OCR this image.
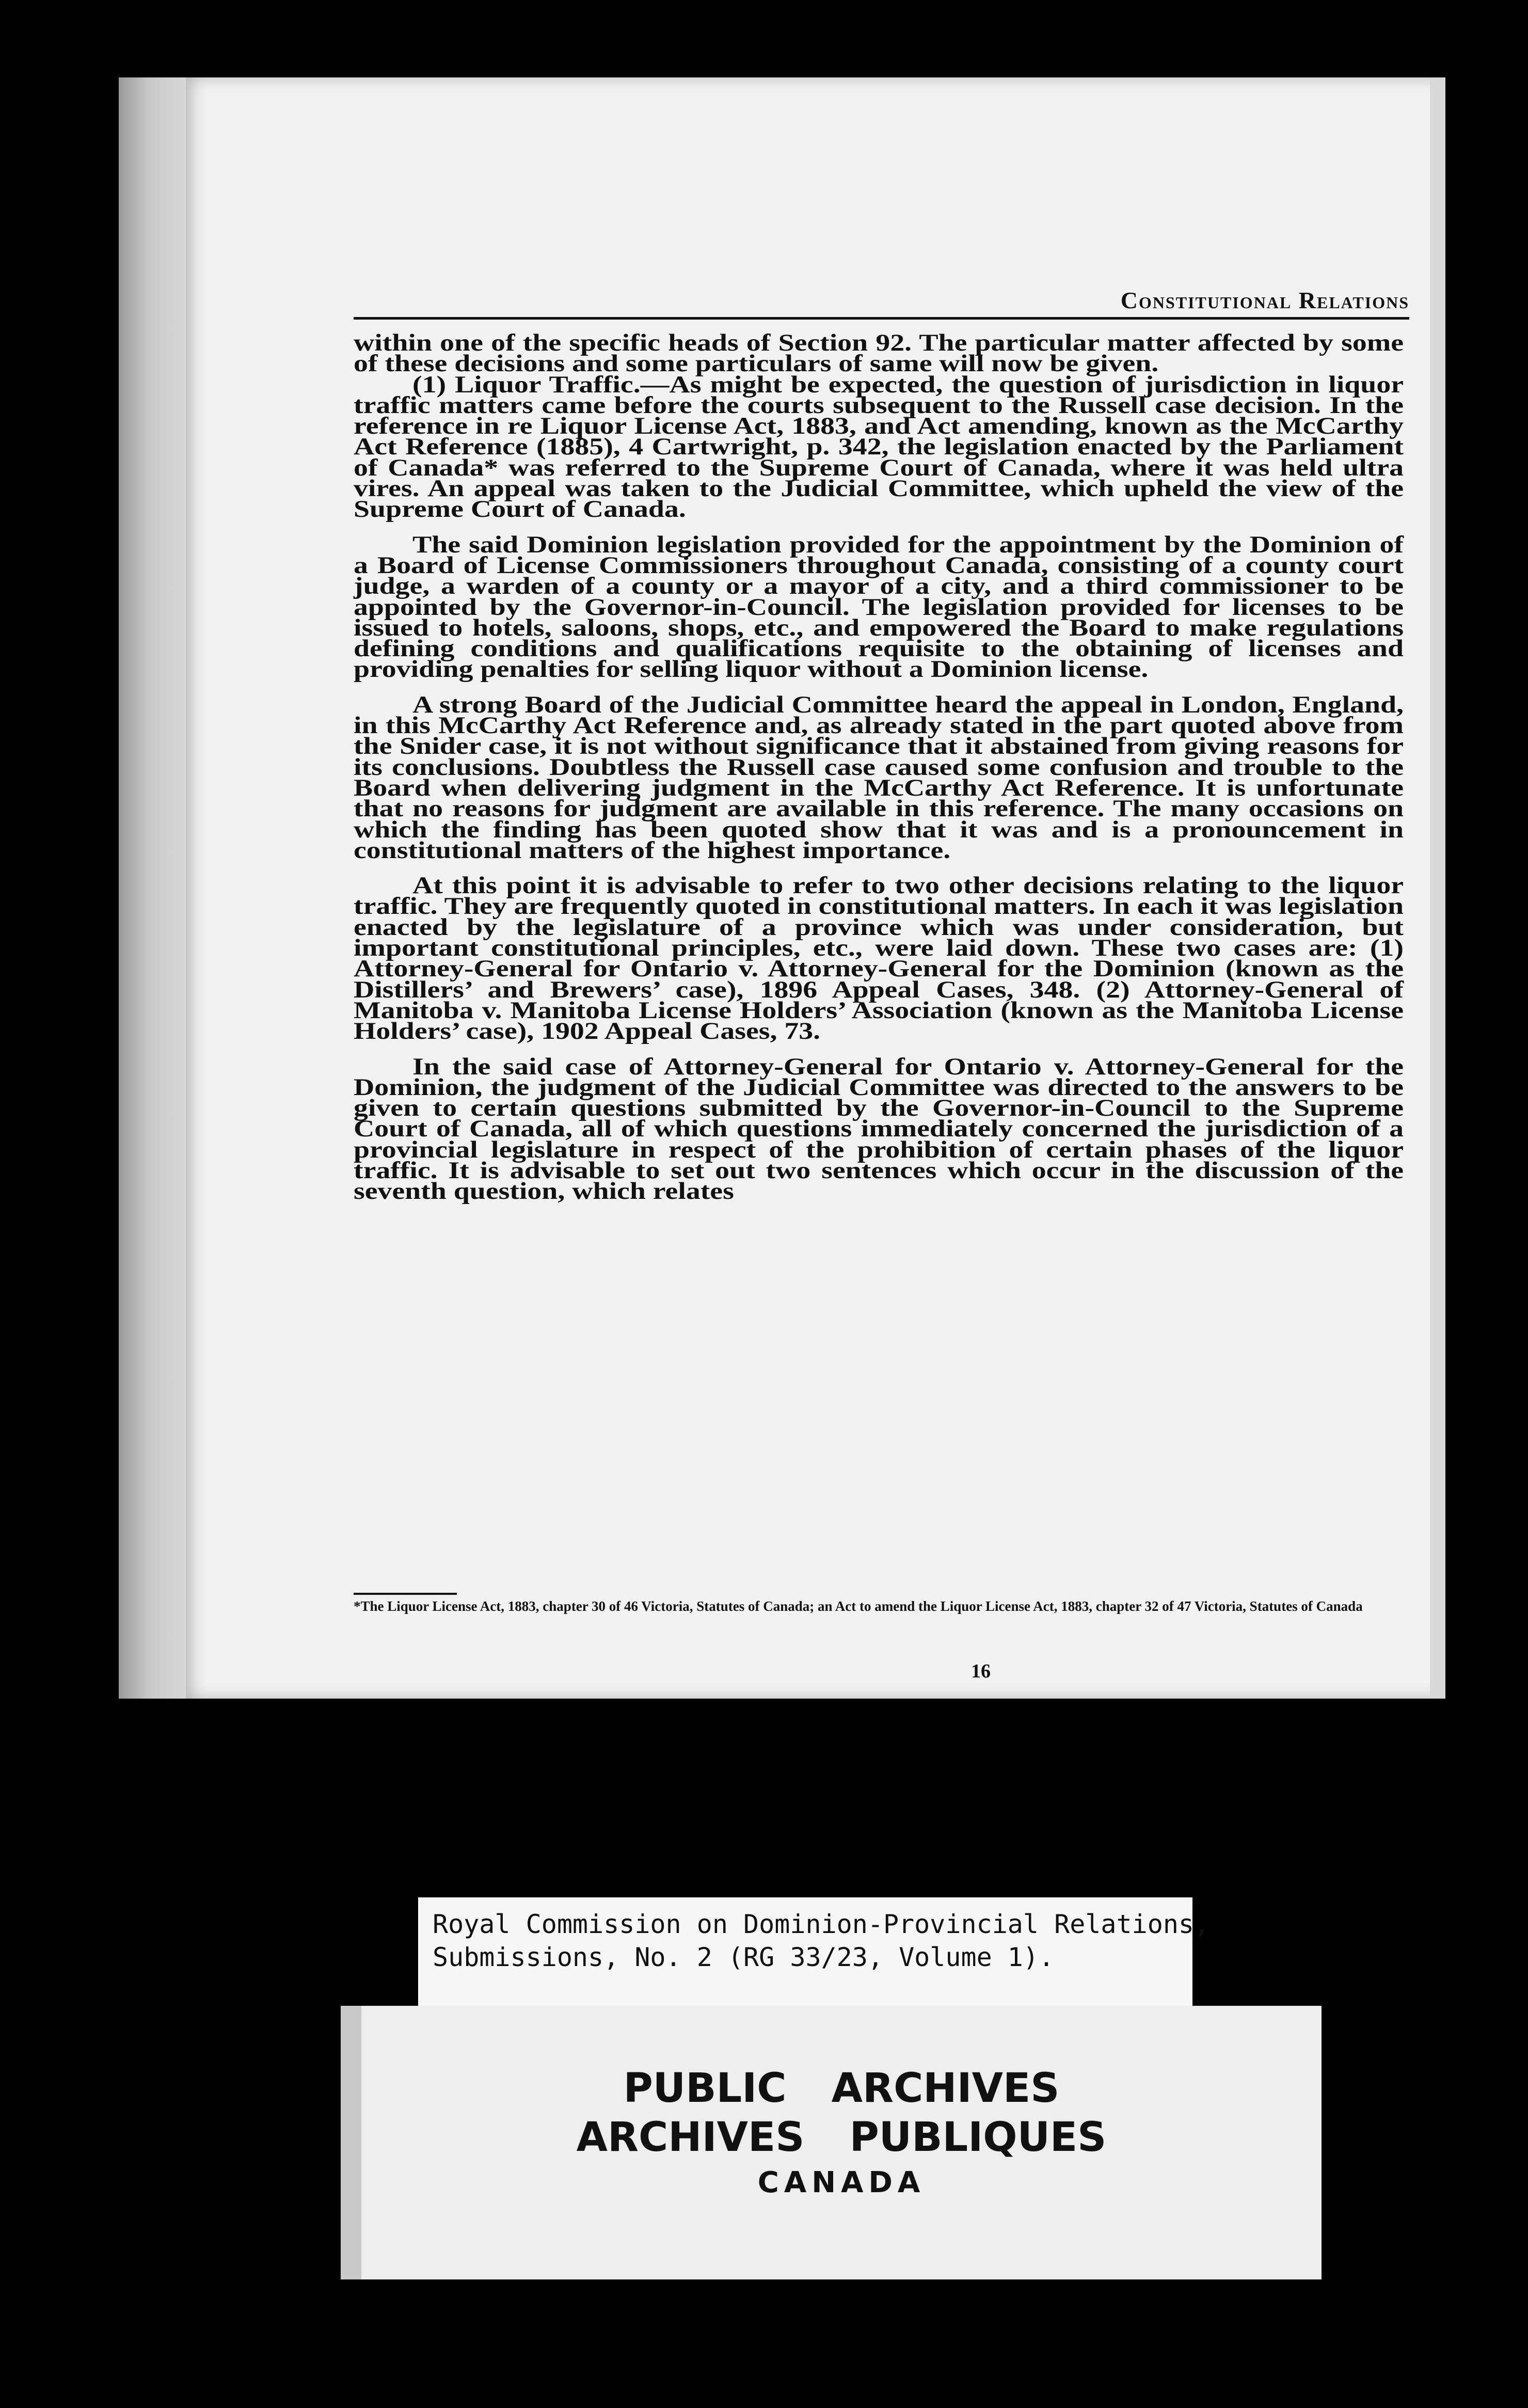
Constitutional Relations

within one of the specific heads of Section 92. The particular matter affected by some of these decisions and some particulars of same will now be given.

(1) Liquor Traffic.—As might be expected, the question of jurisdiction in liquor traffic matters came before the courts subsequent to the Russell case decision. In the reference in re Liquor License Act, 1883, and Act amending, known as the McCarthy Act Reference (1885), 4 Cartwright, p. 342, the legislation enacted by the Parliament of Canada* was referred to the Supreme Court of Canada, where it was held ultra vires. An appeal was taken to the Judicial Committee, which upheld the view of the Supreme Court of Canada.

The said Dominion legislation provided for the appointment by the Dominion of a Board of License Commissioners throughout Canada, consisting of a county court judge, a warden of a county or a mayor of a city, and a third commissioner to be appointed by the Governor-in-Council. The legislation provided for licenses to be issued to hotels, saloons, shops, etc., and empowered the Board to make regulations defining conditions and qualifications requisite to the obtaining of licenses and providing penalties for selling liquor without a Dominion license.

A strong Board of the Judicial Committee heard the appeal in London, England, in this McCarthy Act Reference and, as already stated in the part quoted above from the Snider case, it is not without significance that it abstained from giving reasons for its conclusions. Doubtless the Russell case caused some confusion and trouble to the Board when delivering judgment in the McCarthy Act Reference. It is unfortunate that no reasons for judgment are available in this reference. The many occasions on which the finding has been quoted show that it was and is a pronouncement in constitutional matters of the highest importance.

At this point it is advisable to refer to two other decisions relating to the liquor traffic. They are frequently quoted in constitutional matters. In each it was legislation enacted by the legislature of a province which was under consideration, but important constitutional principles, etc., were laid down. These two cases are: (1) Attorney-General for Ontario v. Attorney-General for the Dominion (known as the Distillers’ and Brewers’ case), 1896 Appeal Cases, 348. (2) Attorney-General of Manitoba v. Manitoba License Holders’ Association (known as the Manitoba License Holders’ case), 1902 Appeal Cases, 73.

In the said case of Attorney-General for Ontario v. Attorney-General for the Dominion, the judgment of the Judicial Committee was directed to the answers to be given to certain questions submitted by the Governor-in-Council to the Supreme Court of Canada, all of which questions immediately concerned the jurisdiction of a provincial legislature in respect of the prohibition of certain phases of the liquor traffic. It is advisable to set out two sentences which occur in the discussion of the seventh question, which relates

*The Liquor License Act, 1883, chapter 30 of 46 Victoria, Statutes of Canada; an Act to amend the Liquor License Act, 1883, chapter 32 of 47 Victoria, Statutes of Canada
16
Royal Commission on Dominion-Provincial Relations,
Submissions, No. 2 (RG 33/23, Volume 1).
PUBLIC ARCHIVES
ARCHIVES PUBLIQUES
CANADA
